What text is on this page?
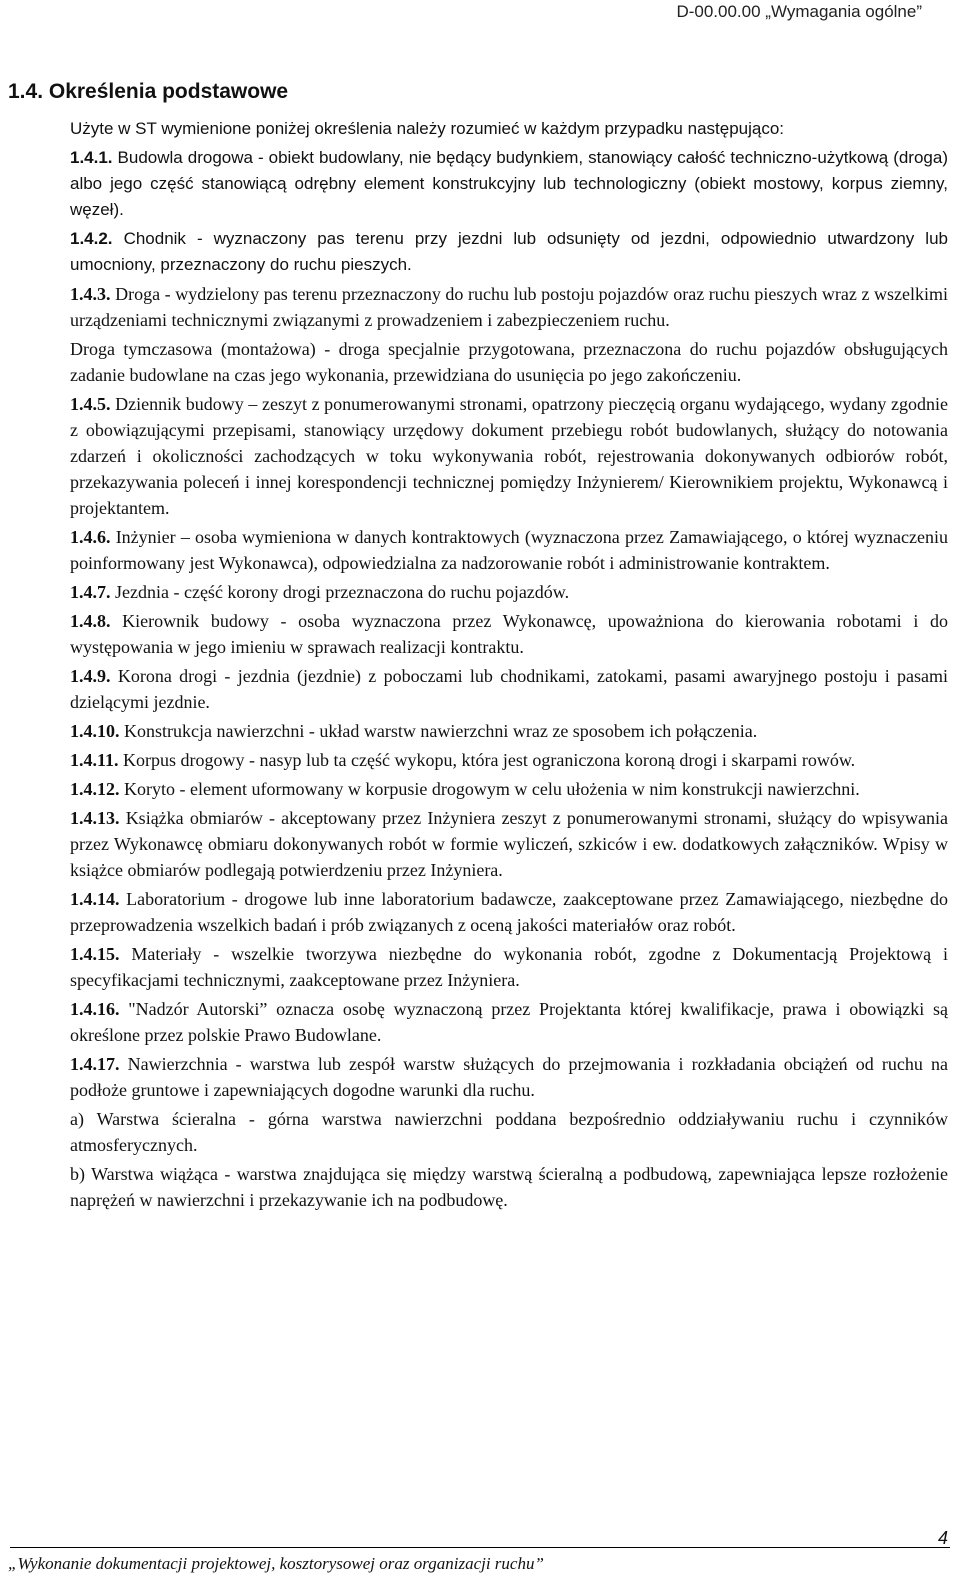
D-00.00.00 „Wymagania ogólne”
1.4. Określenia podstawowe

Użyte w ST wymienione poniżej określenia należy rozumieć w każdym przypadku następująco:

1.4.1. Budowla drogowa - obiekt budowlany, nie będący budynkiem, stanowiący całość techniczno-użytkową (droga) albo jego część stanowiącą odrębny element konstrukcyjny lub technologiczny (obiekt mostowy, korpus ziemny, węzeł).

1.4.2. Chodnik - wyznaczony pas terenu przy jezdni lub odsunięty od jezdni, odpowiednio utwardzony lub umocniony, przeznaczony do ruchu pieszych.

1.4.3. Droga - wydzielony pas terenu przeznaczony do ruchu lub postoju pojazdów oraz ruchu pieszych wraz z wszelkimi urządzeniami technicznymi związanymi z prowadzeniem i zabezpieczeniem ruchu.

Droga tymczasowa (montażowa) - droga specjalnie przygotowana, przeznaczona do ruchu pojazdów obsługujących zadanie budowlane na czas jego wykonania, przewidziana do usunięcia po jego zakończeniu.

1.4.5. Dziennik budowy – zeszyt z ponumerowanymi stronami, opatrzony pieczęcią organu wydającego, wydany zgodnie z obowiązującymi przepisami, stanowiący urzędowy dokument przebiegu robót budowlanych, służący do notowania zdarzeń i okoliczności zachodzących w toku wykonywania robót, rejestrowania dokonywanych odbiorów robót, przekazywania poleceń i innej korespondencji technicznej pomiędzy Inżynierem/ Kierownikiem projektu, Wykonawcą i projektantem.

1.4.6. Inżynier – osoba wymieniona w danych kontraktowych (wyznaczona przez Zamawiającego, o której wyznaczeniu poinformowany jest Wykonawca), odpowiedzialna za nadzorowanie robót i administrowanie kontraktem.

1.4.7. Jezdnia - część korony drogi przeznaczona do ruchu pojazdów.

1.4.8. Kierownik budowy - osoba wyznaczona przez Wykonawcę, upoważniona do kierowania robotami i do występowania w jego imieniu w sprawach realizacji kontraktu.

1.4.9. Korona drogi - jezdnia (jezdnie) z poboczami lub chodnikami, zatokami, pasami awaryjnego postoju i pasami dzielącymi jezdnie.

1.4.10. Konstrukcja nawierzchni - układ warstw nawierzchni wraz ze sposobem ich połączenia.

1.4.11. Korpus drogowy - nasyp lub ta część wykopu, która jest ograniczona koroną drogi i skarpami rowów.

1.4.12. Koryto - element uformowany w korpusie drogowym w celu ułożenia w nim konstrukcji nawierzchni.

1.4.13. Książka obmiarów - akceptowany przez Inżyniera zeszyt z ponumerowanymi stronami, służący do wpisywania przez Wykonawcę obmiaru dokonywanych robót w formie wyliczeń, szkiców i ew. dodatkowych załączników. Wpisy w książce obmiarów podlegają potwierdzeniu przez Inżyniera.

1.4.14. Laboratorium - drogowe lub inne laboratorium badawcze, zaakceptowane przez Zamawiającego, niezbędne do przeprowadzenia wszelkich badań i prób związanych z oceną jakości materiałów oraz robót.

1.4.15. Materiały - wszelkie tworzywa niezbędne do wykonania robót, zgodne z Dokumentacją Projektową i specyfikacjami technicznymi, zaakceptowane przez Inżyniera.

1.4.16. "Nadzór Autorski” oznacza osobę wyznaczoną przez Projektanta której kwalifikacje, prawa i obowiązki są określone przez polskie Prawo Budowlane.

1.4.17. Nawierzchnia - warstwa lub zespół warstw służących do przejmowania i rozkładania obciążeń od ruchu na podłoże gruntowe i zapewniających dogodne warunki dla ruchu.

a) Warstwa ścieralna - górna warstwa nawierzchni poddana bezpośrednio oddziaływaniu ruchu i czynników atmosferycznych.

b) Warstwa wiążąca - warstwa znajdująca się między warstwą ścieralną a podbudową, zapewniająca lepsze rozłożenie naprężeń w nawierzchni i przekazywanie ich na podbudowę.

4
„Wykonanie dokumentacji projektowej, kosztorysowej oraz organizacji ruchu”
